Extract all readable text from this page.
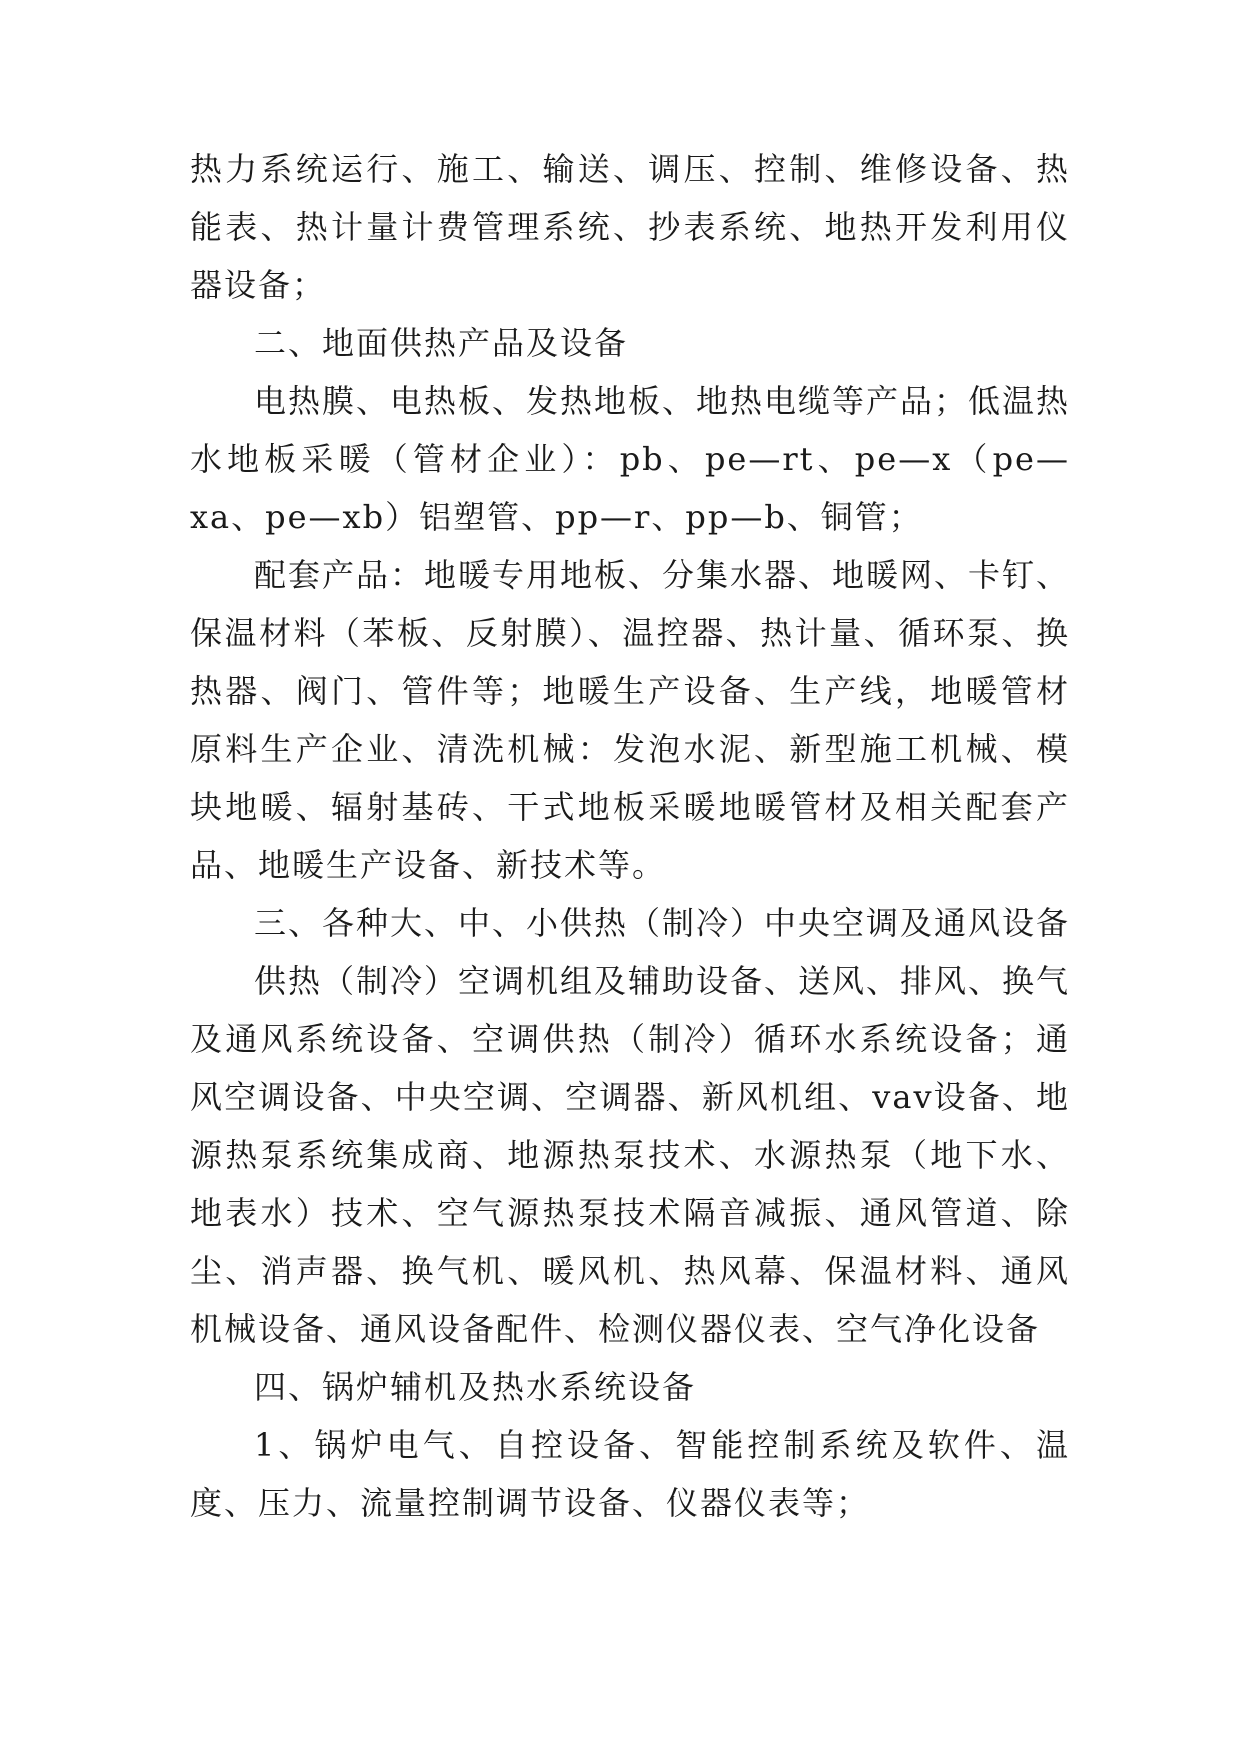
热力系统运行、施工、输送、调压、控制、维修设备、热能表、热计量计费管理系统、抄表系统、地热开发利用仪器设备；

二、地面供热产品及设备

电热膜、电热板、发热地板、地热电缆等产品；低温热水地板采暖（管材企业）：pb、pe—rt、pe—x（pe—xa、pe—xb）铝塑管、pp—r、pp—b、铜管；

配套产品：地暖专用地板、分集水器、地暖网、卡钉、保温材料（苯板、反射膜）、温控器、热计量、循环泵、换热器、阀门、管件等；地暖生产设备、生产线，地暖管材原料生产企业、清洗机械：发泡水泥、新型施工机械、模块地暖、辐射基砖、干式地板采暖地暖管材及相关配套产品、地暖生产设备、新技术等。

三、各种大、中、小供热（制冷）中央空调及通风设备

供热（制冷）空调机组及辅助设备、送风、排风、换气及通风系统设备、空调供热（制冷）循环水系统设备；通风空调设备、中央空调、空调器、新风机组、vav设备、地源热泵系统集成商、地源热泵技术、水源热泵（地下水、地表水）技术、空气源热泵技术隔音减振、通风管道、除尘、消声器、换气机、暖风机、热风幕、保温材料、通风机械设备、通风设备配件、检测仪器仪表、空气净化设备

四、锅炉辅机及热水系统设备

1、锅炉电气、自控设备、智能控制系统及软件、温度、压力、流量控制调节设备、仪器仪表等；
